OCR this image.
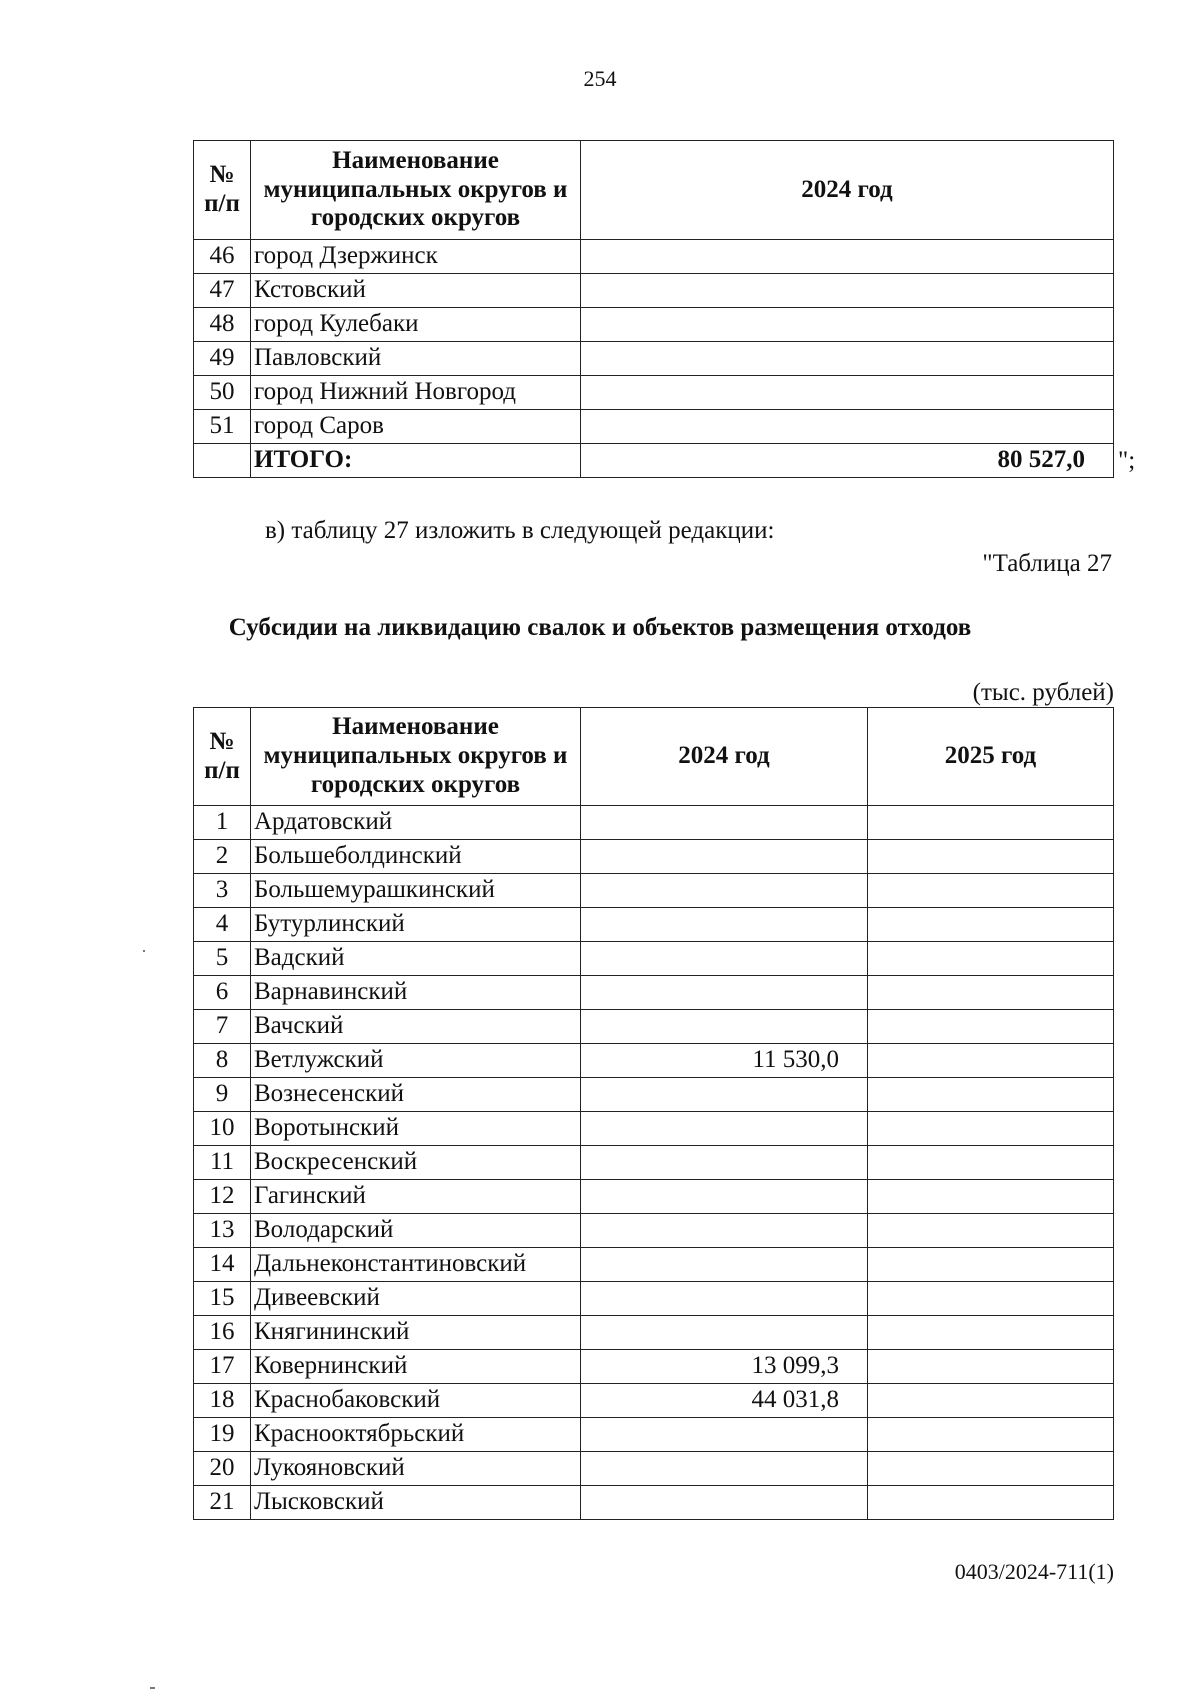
254
№ п/п	Наименование муниципальных округов и городских округов	2024 год
46	город Дзержинск	
47	Кстовский	
48	город Кулебаки	
49	Павловский	
50	город Нижний Новгород	
51	город Саров	
	ИТОГО:	80 527,0 ";
в) таблицу 27 изложить в следующей редакции:
"Таблица 27
Субсидии на ликвидацию свалок и объектов размещения отходов
(тыс. рублей)
№ п/п	Наименование муниципальных округов и городских округов	2024 год	2025 год
1	Ардатовский		
2	Большеболдинский		
3	Большемурашкинский		
4	Бутурлинский		
5	Вадский		
6	Варнавинский		
7	Вачский		
8	Ветлужский	11 530,0	
9	Вознесенский		
10	Воротынский		
11	Воскресенский		
12	Гагинский		
13	Володарский		
14	Дальнеконстантиновский		
15	Дивеевский		
16	Княгининский		
17	Ковернинский	13 099,3	
18	Краснобаковский	44 031,8	
19	Краснооктябрьский		
20	Лукояновский		
21	Лысковский		
0403/2024-711(1)
